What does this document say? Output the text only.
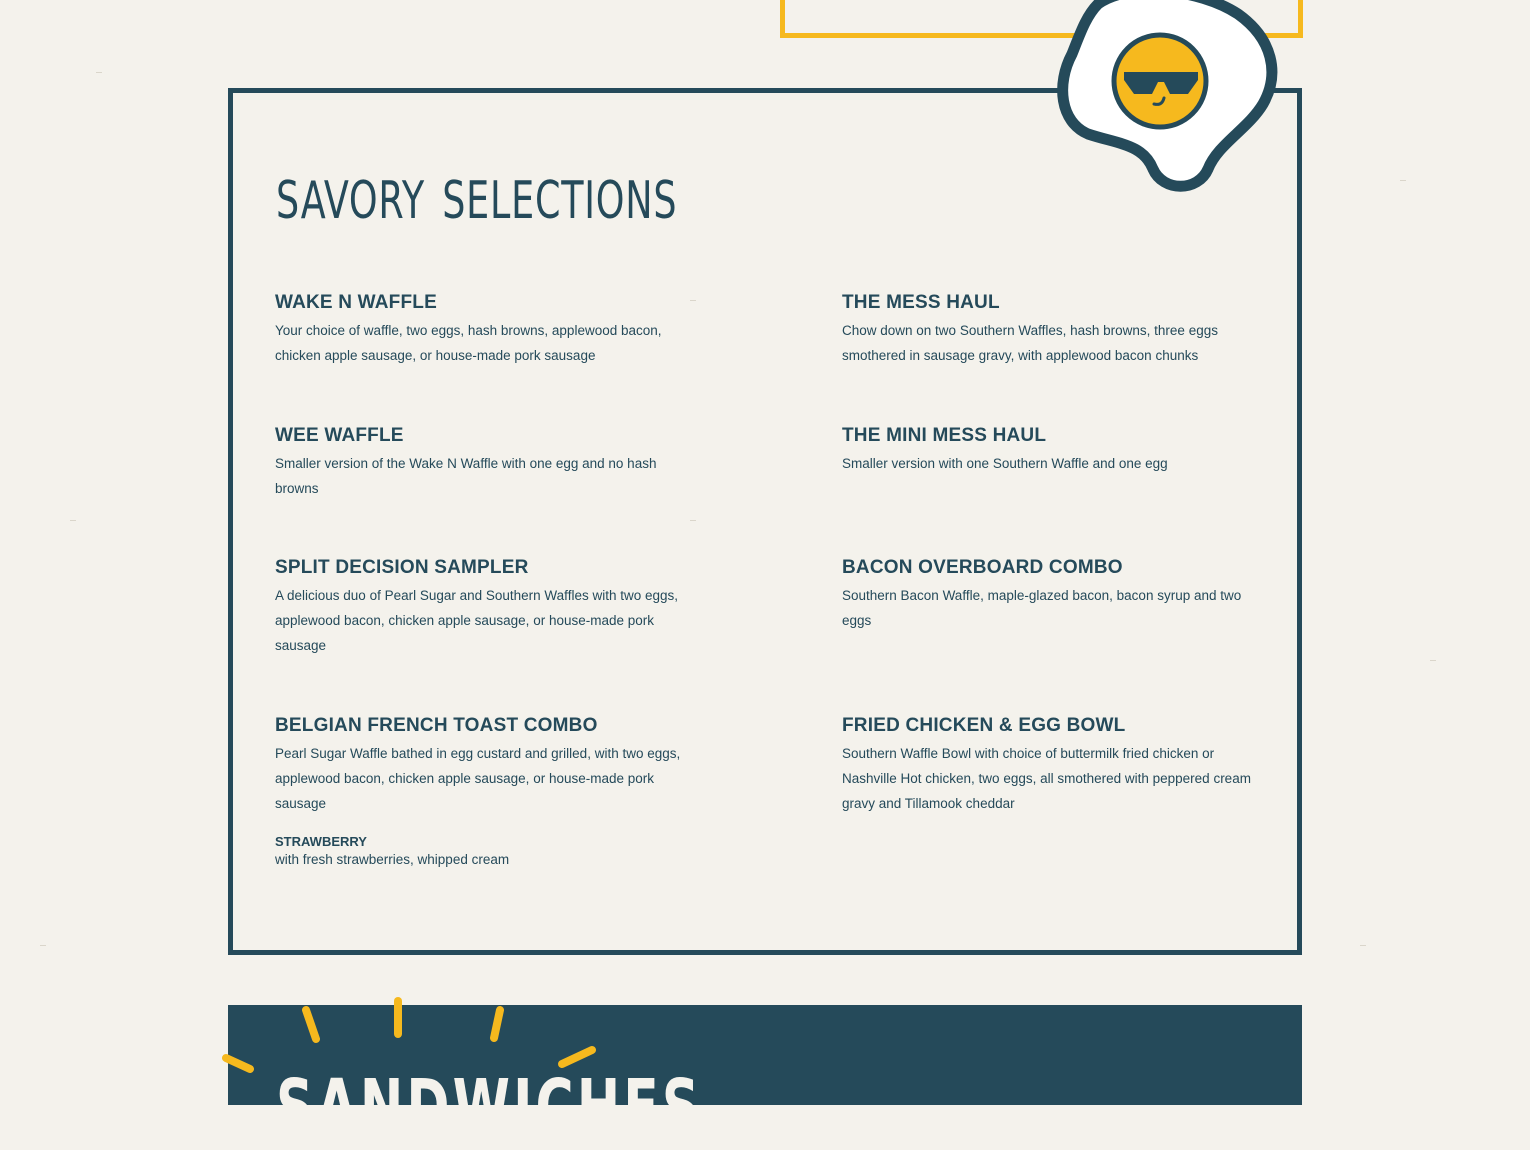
savory selections
WAKE N WAFFLE
Your choice of waffle, two eggs, hash browns, applewood bacon, chicken apple sausage, or house-made pork sausage
WEE WAFFLE
Smaller version of the Wake N Waffle with one egg and no hash browns
SPLIT DECISION SAMPLER
A delicious duo of Pearl Sugar and Southern Waffles with two eggs, applewood bacon, chicken apple sausage, or house-made pork sausage
BELGIAN FRENCH TOAST COMBO
Pearl Sugar Waffle bathed in egg custard and grilled, with two eggs, applewood bacon, chicken apple sausage, or house-made pork sausage
STRAWBERRY
with fresh strawberries, whipped cream
THE MESS HAUL
Chow down on two Southern Waffles, hash browns, three eggs smothered in sausage gravy, with applewood bacon chunks
THE MINI MESS HAUL
Smaller version with one Southern Waffle and one egg
BACON OVERBOARD COMBO
Southern Bacon Waffle, maple-glazed bacon, bacon syrup and two eggs
FRIED CHICKEN & EGG BOWL
Southern Waffle Bowl with choice of buttermilk fried chicken or Nashville Hot chicken, two eggs, all smothered with peppered cream gravy and Tillamook cheddar
SANDWICHES
